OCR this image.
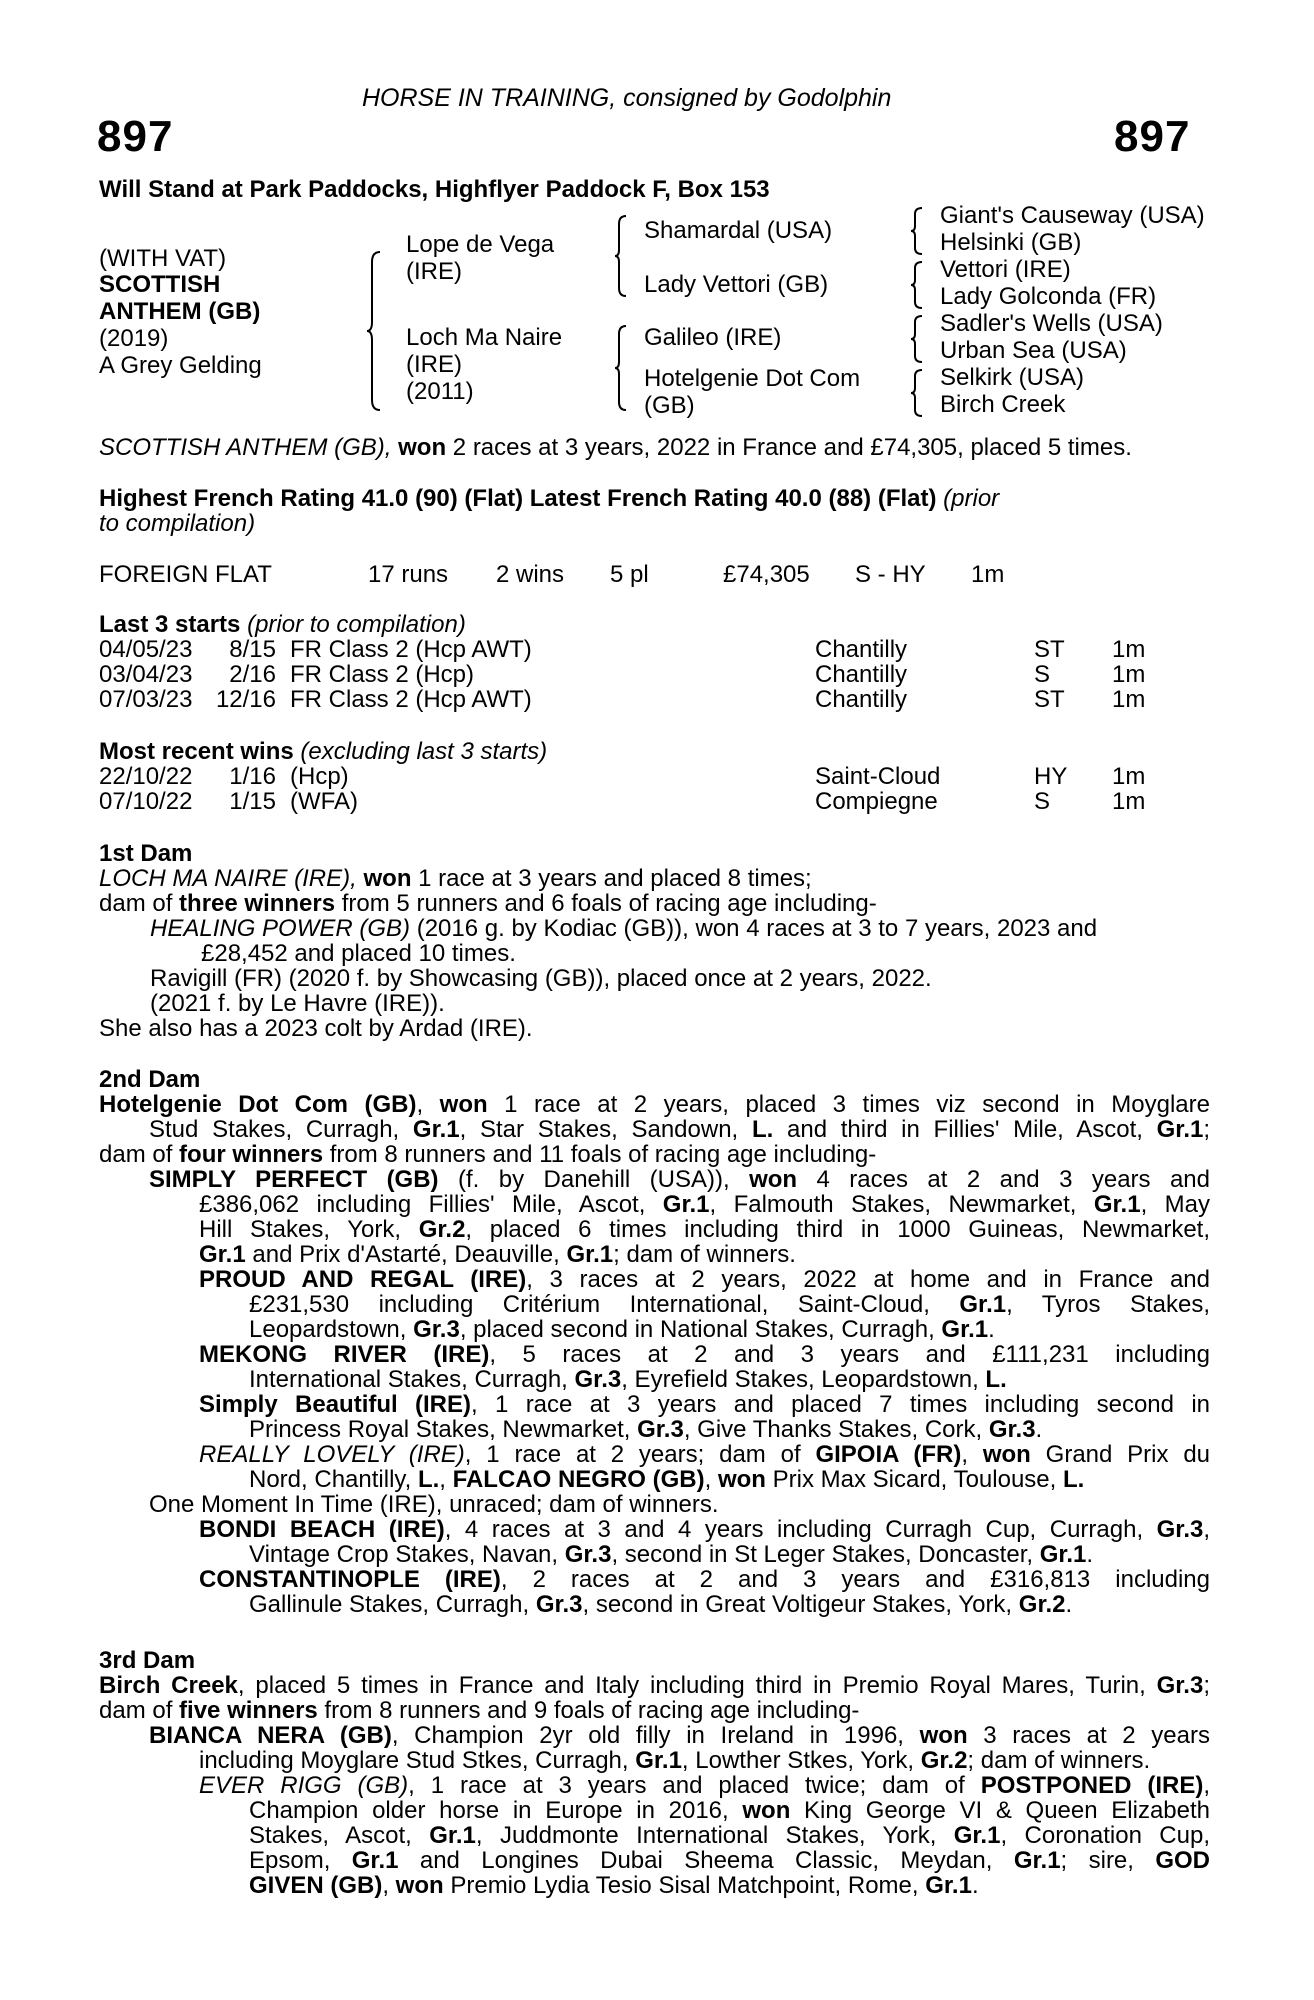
HORSE IN TRAINING, consigned by Godolphin
897	897
Will Stand at Park Paddocks, Highflyer Paddock F, Box 153
(WITH VAT)
SCOTTISH
ANTHEM (GB)
(2019)
A Grey Gelding
Lope de Vega
(IRE)
Loch Ma Naire
(IRE)
(2011)
Shamardal (USA)
Lady Vettori (GB)
Galileo (IRE)
Hotelgenie Dot Com
(GB)
Giant's Causeway (USA)
Helsinki (GB)
Vettori (IRE)
Lady Golconda (FR)
Sadler's Wells (USA)
Urban Sea (USA)
Selkirk (USA)
Birch Creek
SCOTTISH ANTHEM (GB), won 2 races at 3 years, 2022 in France and £74,305, placed 5 times.
Highest French Rating 41.0 (90) (Flat) Latest French Rating 40.0 (88) (Flat) (prior
to compilation)
FOREIGN FLAT	17 runs 2 wins 5 pl	£74,305 S - HY 1m
Last 3 starts (prior to compilation)
04/05/23 8/15 FR Class 2 (Hcp AWT)	Chantilly	ST 1m
03/04/23 2/16 FR Class 2 (Hcp)	Chantilly	S	1m
07/03/23 12/16 FR Class 2 (Hcp AWT)	Chantilly	ST 1m
Most recent wins (excluding last 3 starts)
22/10/22 1/16 (Hcp)	Saint-Cloud	HY 1m
07/10/22 1/15 (WFA)	Compiegne	S	1m
1st Dam
LOCH MA NAIRE (IRE), won 1 race at 3 years and placed 8 times;
dam of three winners from 5 runners and 6 foals of racing age including-
HEALING POWER (GB) (2016 g. by Kodiac (GB)), won 4 races at 3 to 7 years, 2023 and
£28,452 and placed 10 times.
Ravigill (FR) (2020 f. by Showcasing (GB)), placed once at 2 years, 2022.
(2021 f. by Le Havre (IRE)).
She also has a 2023 colt by Ardad (IRE).
2nd Dam
Hotelgenie Dot Com (GB), won 1 race at 2 years, placed 3 times viz second in Moyglare
Stud Stakes, Curragh, Gr.1, Star Stakes, Sandown, L. and third in Fillies' Mile, Ascot, Gr.1;
dam of four winners from 8 runners and 11 foals of racing age including-
SIMPLY PERFECT (GB) (f. by Danehill (USA)), won 4 races at 2 and 3 years and
£386,062 including Fillies' Mile, Ascot, Gr.1, Falmouth Stakes, Newmarket, Gr.1, May
Hill Stakes, York, Gr.2, placed 6 times including third in 1000 Guineas, Newmarket,
Gr.1 and Prix d'Astarté, Deauville, Gr.1; dam of winners.
PROUD AND REGAL (IRE), 3 races at 2 years, 2022 at home and in France and
£231,530 including Critérium International, Saint-Cloud, Gr.1, Tyros Stakes,
Leopardstown, Gr.3, placed second in National Stakes, Curragh, Gr.1.
MEKONG RIVER (IRE), 5 races at 2 and 3 years and £111,231 including
International Stakes, Curragh, Gr.3, Eyrefield Stakes, Leopardstown, L.
Simply Beautiful (IRE), 1 race at 3 years and placed 7 times including second in
Princess Royal Stakes, Newmarket, Gr.3, Give Thanks Stakes, Cork, Gr.3.
REALLY LOVELY (IRE), 1 race at 2 years; dam of GIPOIA (FR), won Grand Prix du
Nord, Chantilly, L., FALCAO NEGRO (GB), won Prix Max Sicard, Toulouse, L.
One Moment In Time (IRE), unraced; dam of winners.
BONDI BEACH (IRE), 4 races at 3 and 4 years including Curragh Cup, Curragh, Gr.3,
Vintage Crop Stakes, Navan, Gr.3, second in St Leger Stakes, Doncaster, Gr.1.
CONSTANTINOPLE (IRE), 2 races at 2 and 3 years and £316,813 including
Gallinule Stakes, Curragh, Gr.3, second in Great Voltigeur Stakes, York, Gr.2.
3rd Dam
Birch Creek, placed 5 times in France and Italy including third in Premio Royal Mares, Turin, Gr.3;
dam of five winners from 8 runners and 9 foals of racing age including-
BIANCA NERA (GB), Champion 2yr old filly in Ireland in 1996, won 3 races at 2 years
including Moyglare Stud Stkes, Curragh, Gr.1, Lowther Stkes, York, Gr.2; dam of winners.
EVER RIGG (GB), 1 race at 3 years and placed twice; dam of POSTPONED (IRE),
Champion older horse in Europe in 2016, won King George VI & Queen Elizabeth
Stakes, Ascot, Gr.1, Juddmonte International Stakes, York, Gr.1, Coronation Cup,
Epsom, Gr.1 and Longines Dubai Sheema Classic, Meydan, Gr.1; sire, GOD
GIVEN (GB), won Premio Lydia Tesio Sisal Matchpoint, Rome, Gr.1.
